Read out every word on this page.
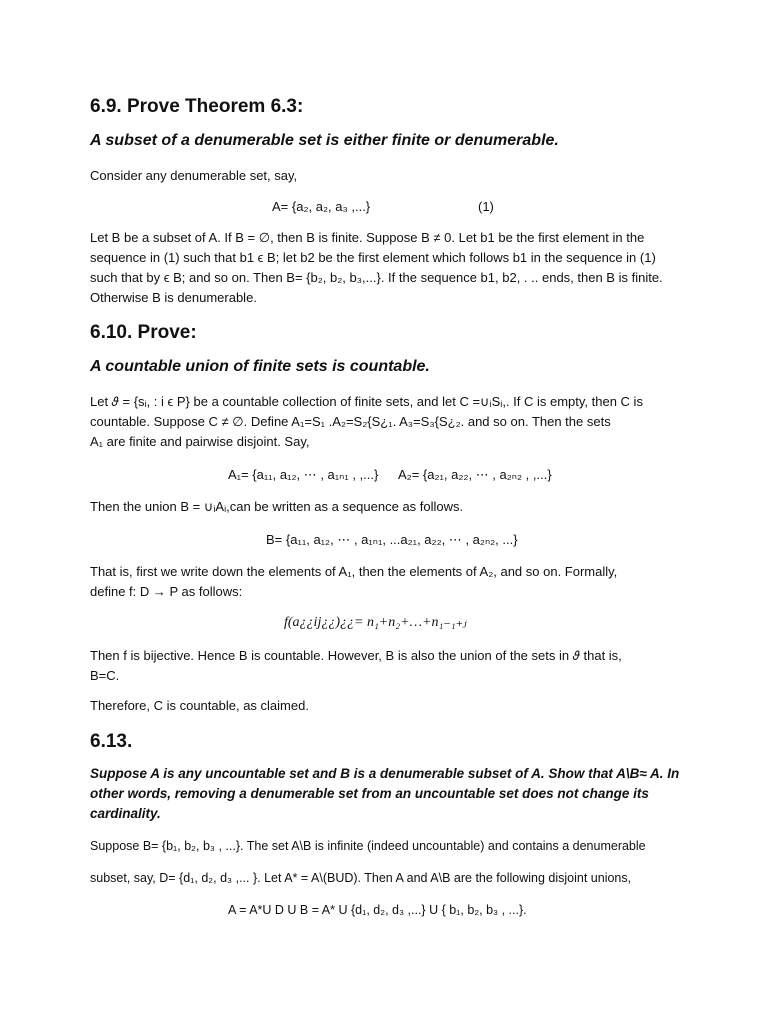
6.9. Prove Theorem 6.3:
A subset of a denumerable set is either finite or denumerable.

Consider any denumerable set, say,

A= {a₂, a₂, a₃ ,...}	(1)

Let B be a subset of A. If B = ∅, then B is finite. Suppose B ≠ 0. Let b1 be the first element in the sequence in (1) such that b1 ϵ B; let b2 be the first element which follows b1 in the sequence in (1) such that by ϵ B; and so on. Then B= {b₂, b₂, b₃,...}. If the sequence b1, b2, . .. ends, then B is finite. Otherwise B is denumerable.

6.10. Prove:
A countable union of finite sets is countable.

Let 𝜗 = {sᵢ, : i ϵ P} be a countable collection of finite sets, and let C =∪ᵢSᵢ,. If C is empty, then C is

countable. Suppose C ≠ ∅. Define A₁=S₁ .A₂=S₂{S¿₁. A₃=S₃{S¿₂. and so on. Then the sets

A₁ are finite and pairwise disjoint. Say,

A₁= {a₁₁, a₁₂, ⋯ , a₁ₙ₁ , ,...} A₂= {a₂₁, a₂₂, ⋯ , a₂ₙ₂ , ,...}

Then the union B = ∪ᵢAᵢ,can be written as a sequence as follows.

B= {a₁₁, a₁₂, ⋯ , a₁ₙ₁, ...a₂₁, a₂₂, ⋯ , a₂ₙ₂, ...}

That is, first we write down the elements of A₁, then the elements of A₂, and so on. Formally,

define f: D → P as follows:

f(a¿¿ij¿¿)¿¿= n₁+n₂+…+n₁₋₁₊ⱼ

Then f is bijective. Hence B is countable. However, B is also the union of the sets in 𝜗 that is,

B=C.

Therefore, C is countable, as claimed.

6.13.

Suppose A is any uncountable set and B is a denumerable subset of A. Show that A\B≈ A. In

other words, removing a denumerable set from an uncountable set does not change its

cardinality.

Suppose B= {b₁, b₂, b₃ , ...}. The set A\B is infinite (indeed uncountable) and contains a denumerable

subset, say, D= {d₁, d₂, d₃ ,... }. Let A* = A\(BUD). Then A and A\B are the following disjoint unions,

A = A*U D U B = A* U {d₁, d₂, d₃ ,...} U { b₁, b₂, b₃ , ...}.
